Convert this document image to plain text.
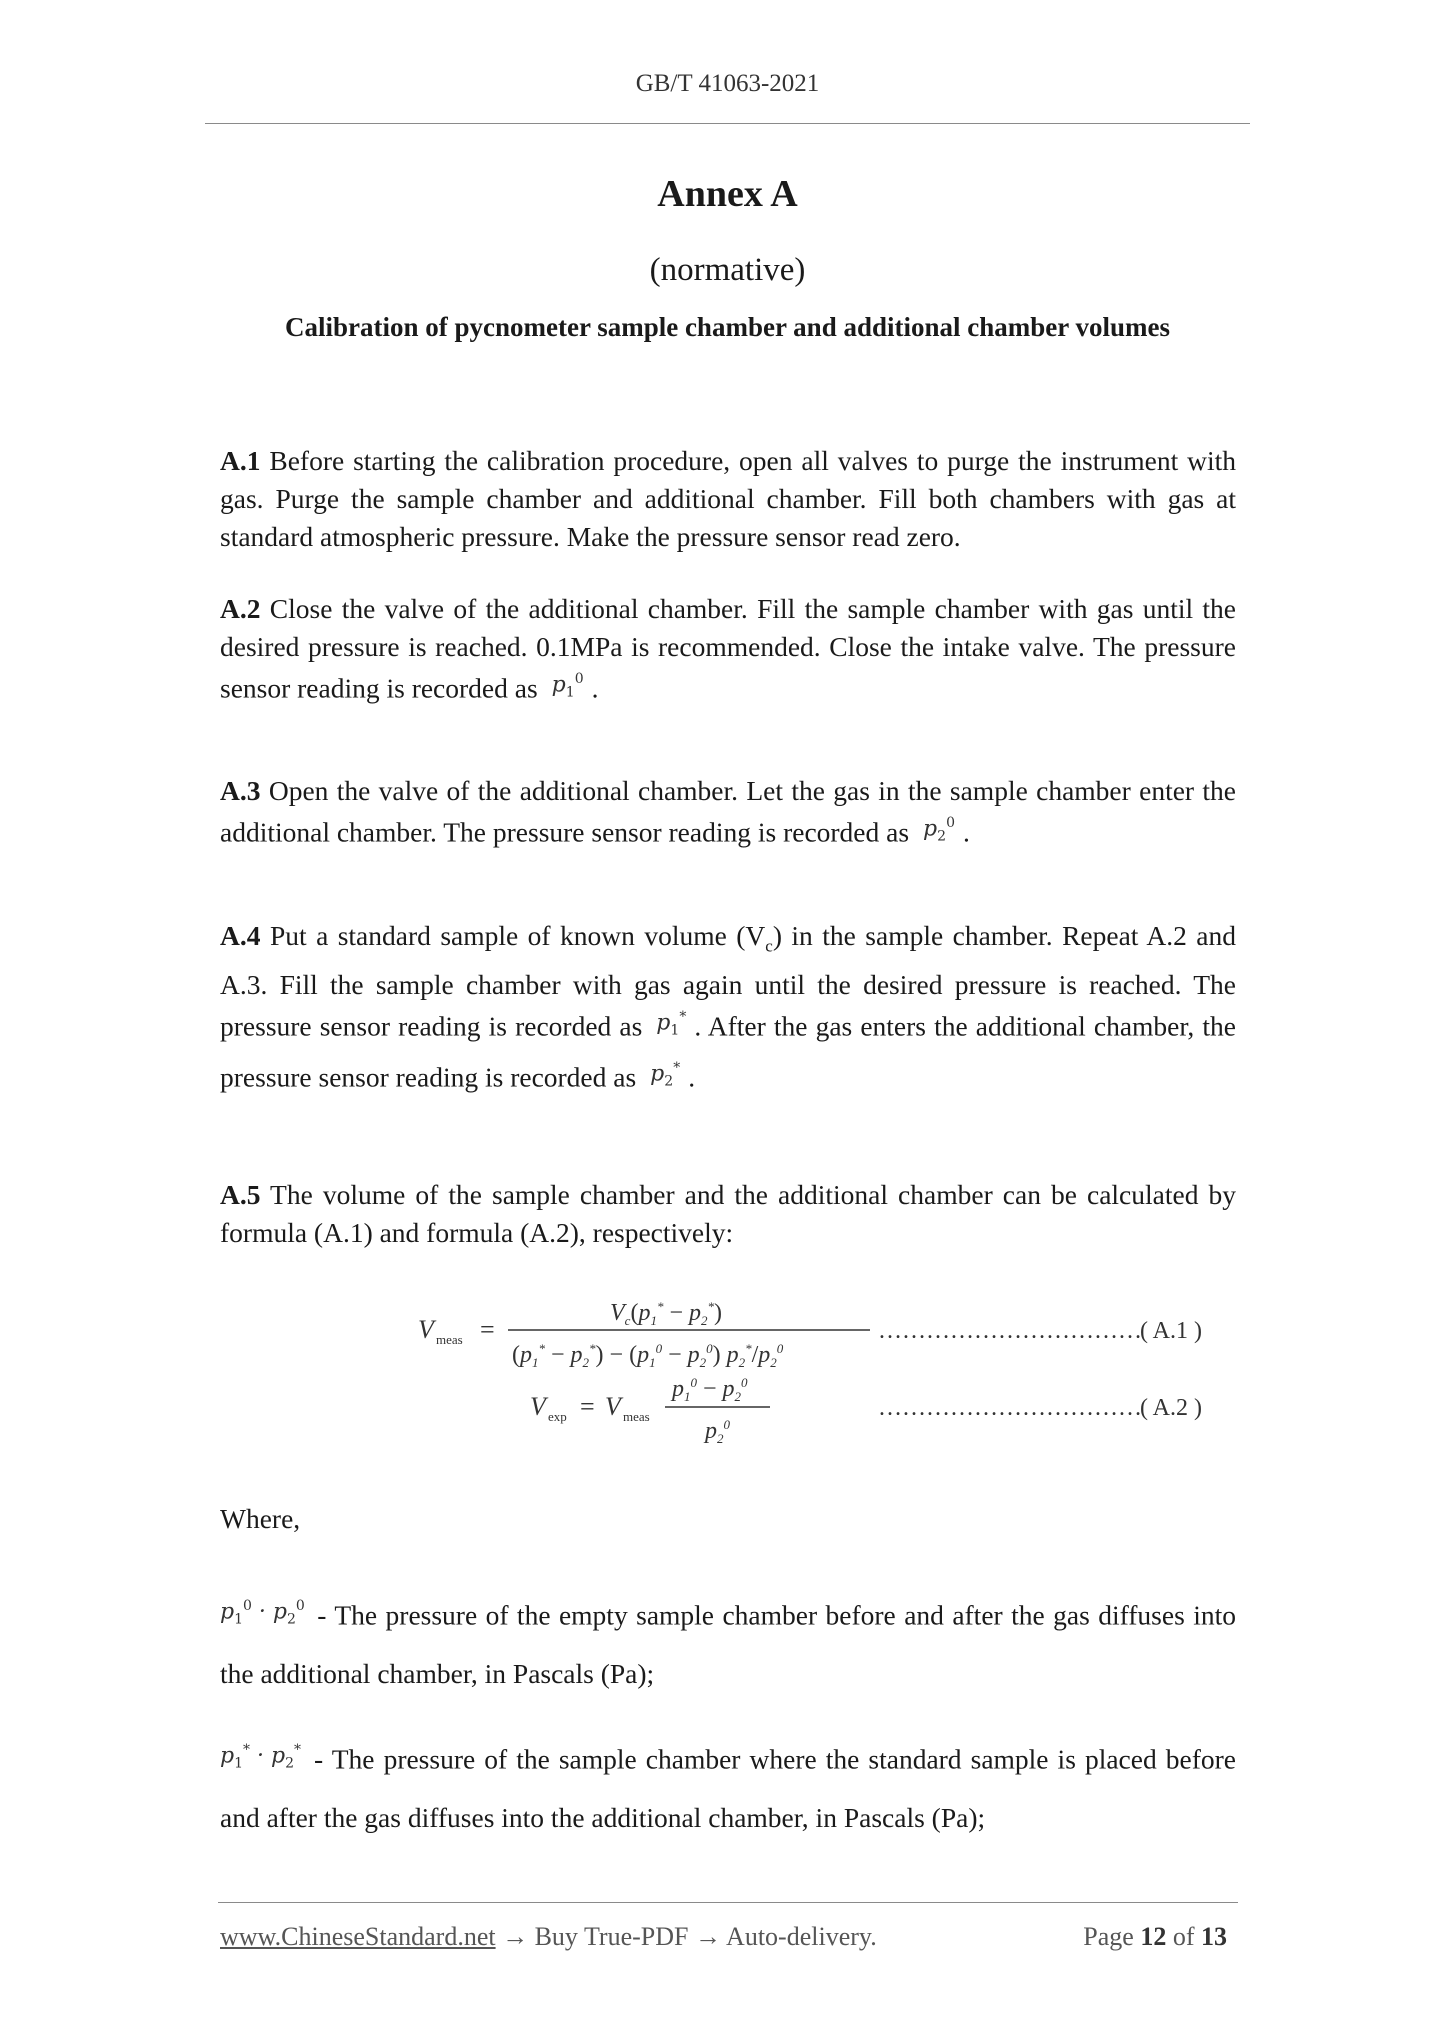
GB/T 41063-2021
Annex A
(normative)
Calibration of pycnometer sample chamber and additional chamber volumes
A.1 Before starting the calibration procedure, open all valves to purge the instrument with gas. Purge the sample chamber and additional chamber. Fill both chambers with gas at standard atmospheric pressure. Make the pressure sensor read zero.
A.2 Close the valve of the additional chamber. Fill the sample chamber with gas until the desired pressure is reached. 0.1MPa is recommended. Close the intake valve. The pressure sensor reading is recorded as $p_1^0$ .
A.3 Open the valve of the additional chamber. Let the gas in the sample chamber enter the additional chamber. The pressure sensor reading is recorded as $p_2^0$ .
A.4 Put a standard sample of known volume $(V_c)$ in the sample chamber. Repeat A.2 and A.3. Fill the sample chamber with gas again until the desired pressure is reached. The pressure sensor reading is recorded as $p_1^*$ . After the gas enters the additional chamber, the pressure sensor reading is recorded as $p_2^*$ .
A.5 The volume of the sample chamber and the additional chamber can be calculated by formula (A.1) and formula (A.2), respectively:
V meas =
$V_c(p_1^* - p_2^*)$
$(p_1^* - p_2^*) - (p_1^0 - p_2^0)$ $p_2^*/p_2^0$
……………………………
( A.1 )
V exp = V meas
$p_1^0 - p_2^0$
$p_2^0$
……………………………
( A.2 )
Where,
$p_1^0 \cdot p_2^0$ - The pressure of the empty sample chamber before and after the gas diffuses into the additional chamber, in Pascals (Pa);
$p_1^* \cdot p_2^*$ - The pressure of the sample chamber where the standard sample is placed before and after the gas diffuses into the additional chamber, in Pascals (Pa);
www.ChineseStandard.net → Buy True-PDF → Auto-delivery.	Page 12 of 13
